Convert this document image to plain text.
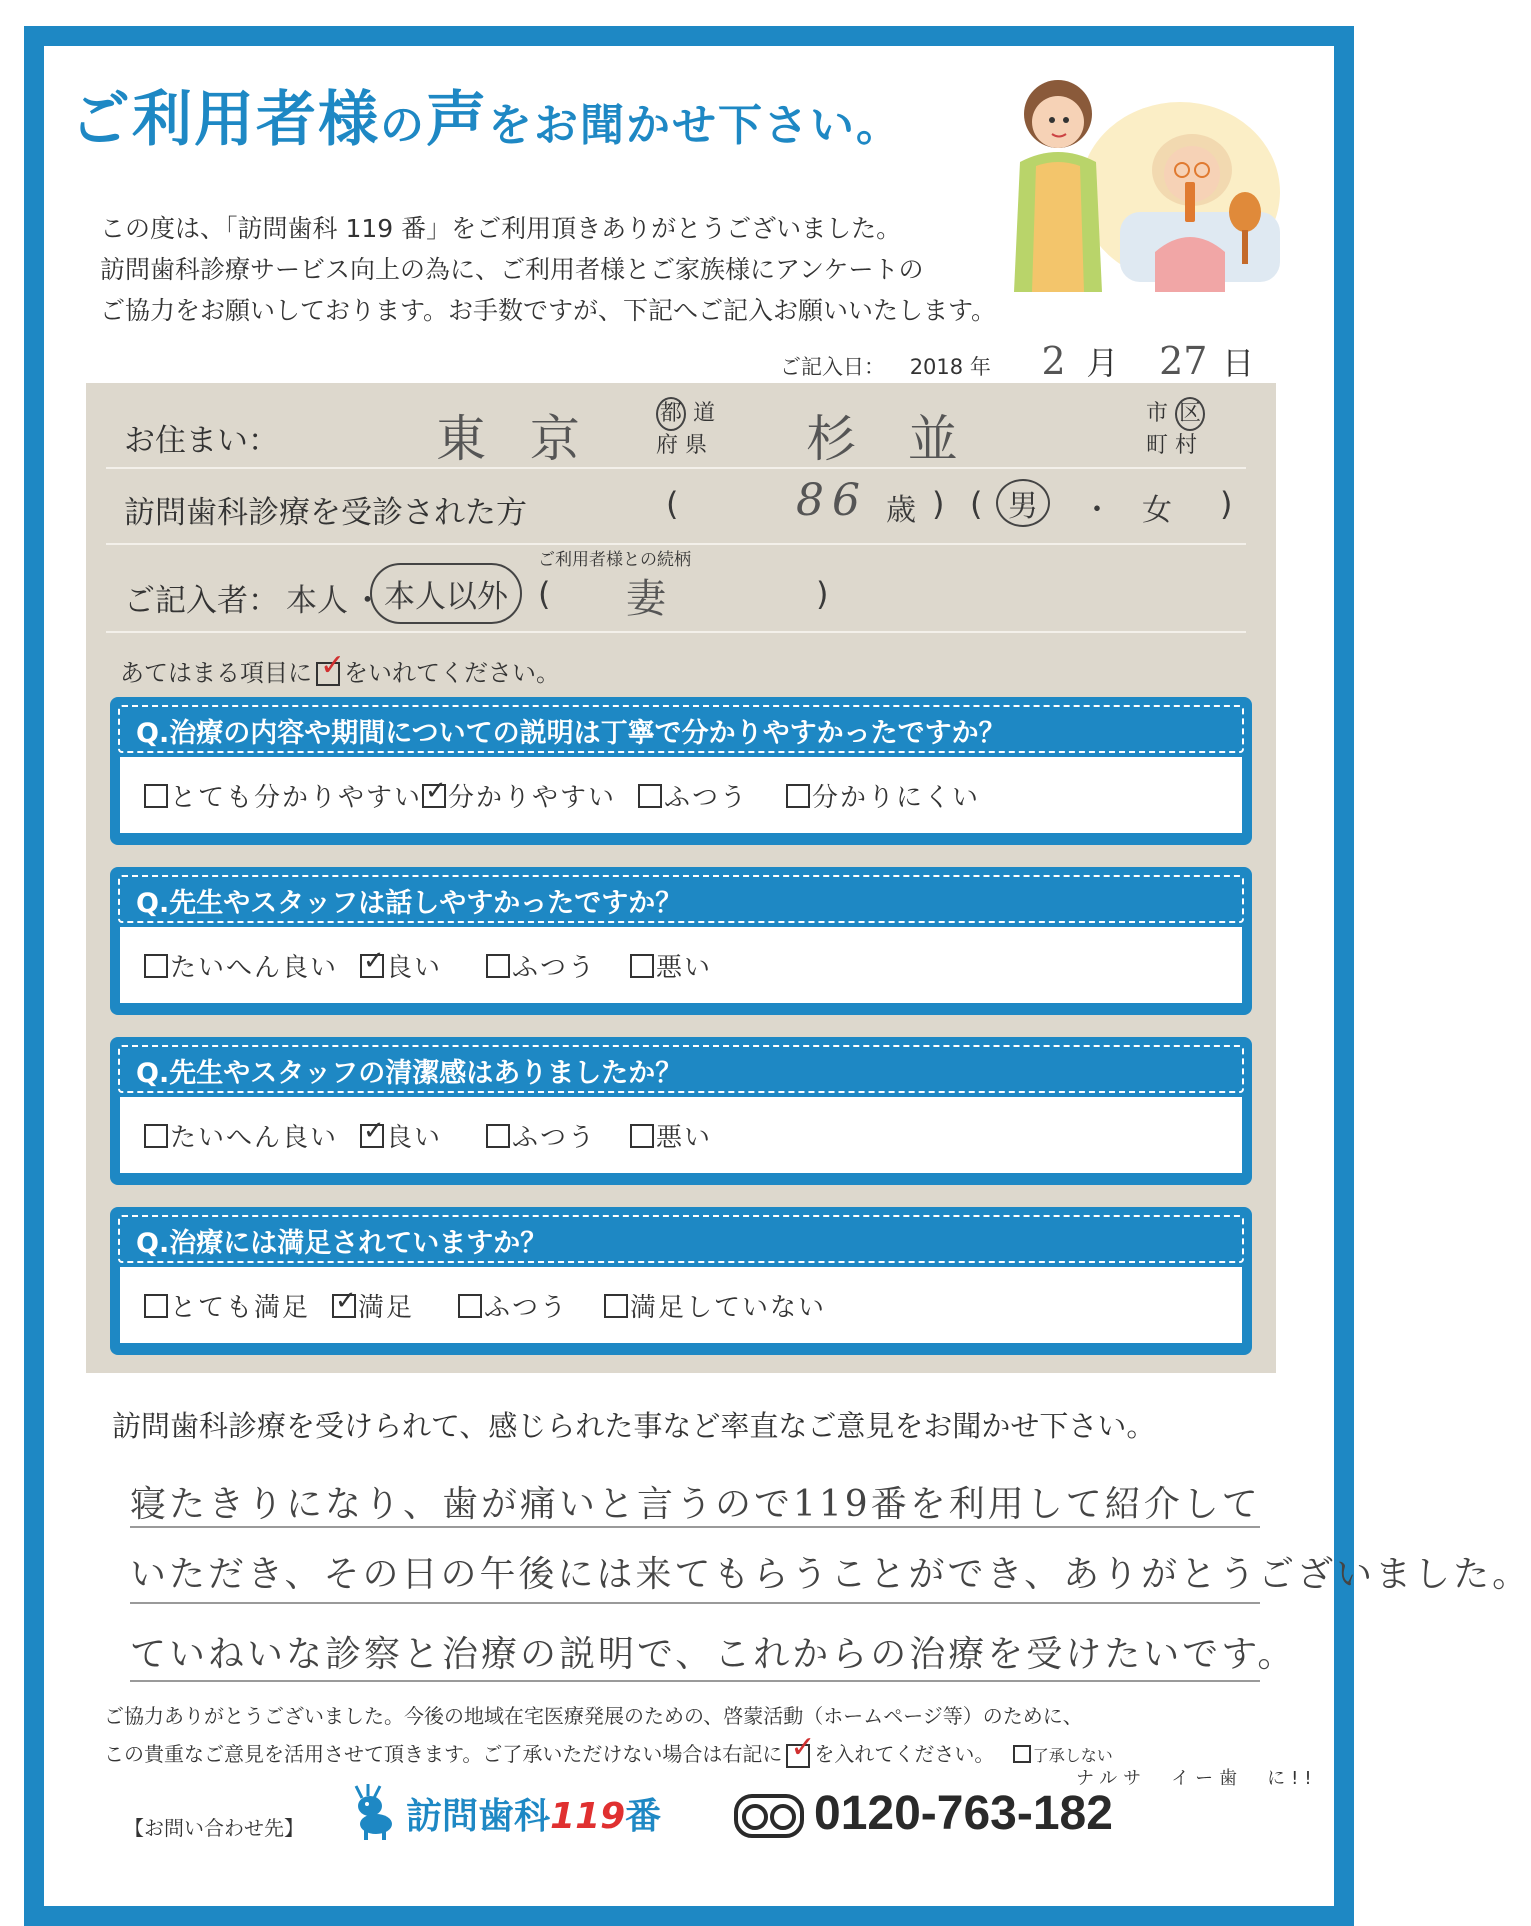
ご利用者様の声をお聞かせ下さい。
この度は、「訪問歯科 119 番」をご利用頂きありがとうございました。
訪問歯科診療サービス向上の為に、ご利用者様とご家族様にアンケートの
ご協力をお願いしております。お手数ですが、下記へご記入お願いいたします。
ご記入日： 2018 年 2 月 27 日
お住まい：	東 京	都 道
府 県 杉 並	市 区
町 村
訪問歯科診療を受診された方	(	86 歳 ) ( 男	・ 女 )
ご記入者： 本人 ・ 本人以外
ご利用者様との続柄
( 妻	)
あてはまる項目に ✓ をいれてください。
Q.治療の内容や期間についての説明は丁寧で分かりやすかったですか？
とても分かりやすい ✓ 分かりやすい	ふつう	分かりにくい
Q.先生やスタッフは話しやすかったですか？
たいへん良い ✓	良い	ふつう	悪い
Q.先生やスタッフの清潔感はありましたか？
たいへん良い ✓	良い	ふつう	悪い
Q.治療には満足されていますか？
とても満足 ✓	満足	ふつう	満足していない
訪問歯科診療を受けられて、感じられた事など率直なご意見をお聞かせ下さい。
寝たきりになり、歯が痛いと言うので119番を利用して紹介して
いただき、その日の午後には来てもらうことができ、ありがとうございました。
ていねいな診察と治療の説明で、これからの治療を受けたいです。
ご協力ありがとうございました。今後の地域在宅医療発展のための、啓蒙活動（ホームページ等）のために、
この貴重なご意見を活用させて頂きます。ご了承いただけない場合は右記に ✓ を入れてください。 了承しない
【お問い合わせ先】	訪問歯科119番
ナルサ　イー歯　に!!
0120-763-182
